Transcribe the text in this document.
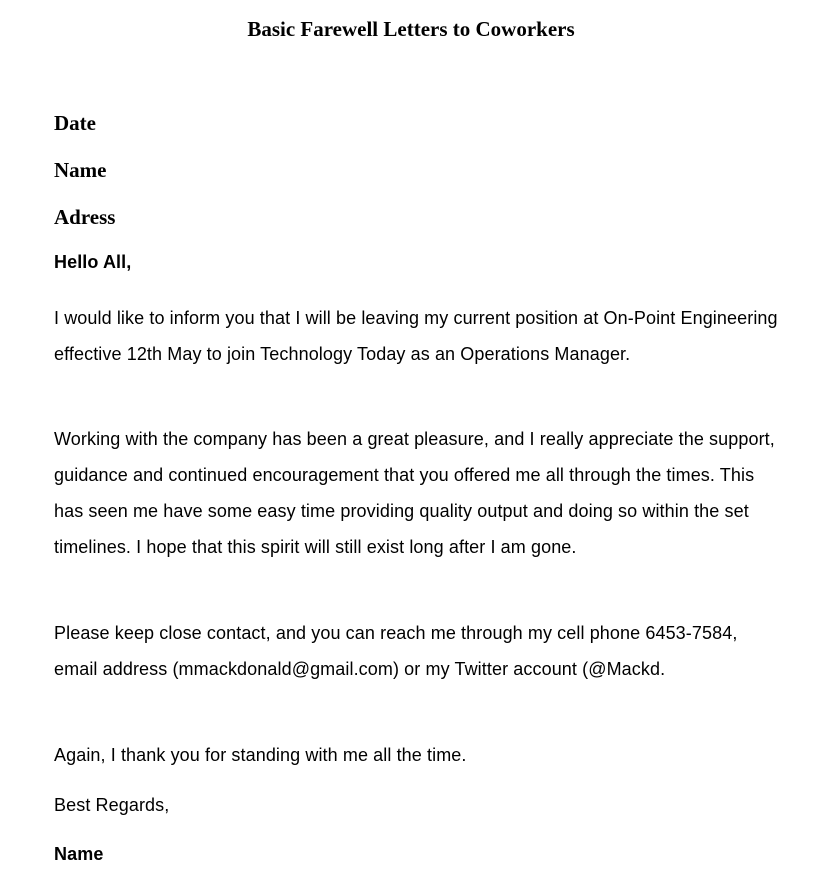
Basic Farewell Letters to Coworkers
Date
Name
Adress

Hello All,

I would like to inform you that I will be leaving my current position at On-Point Engineering effective 12th May to join Technology Today as an Operations Manager.

Working with the company has been a great pleasure, and I really appreciate the support, guidance and continued encouragement that you offered me all through the times. This has seen me have some easy time providing quality output and doing so within the set timelines. I hope that this spirit will still exist long after I am gone.

Please keep close contact, and you can reach me through my cell phone 6453-7584, email address (mmackdonald@gmail.com) or my Twitter account (@Mackd.

Again, I thank you for standing with me all the time.

Best Regards,

Name
